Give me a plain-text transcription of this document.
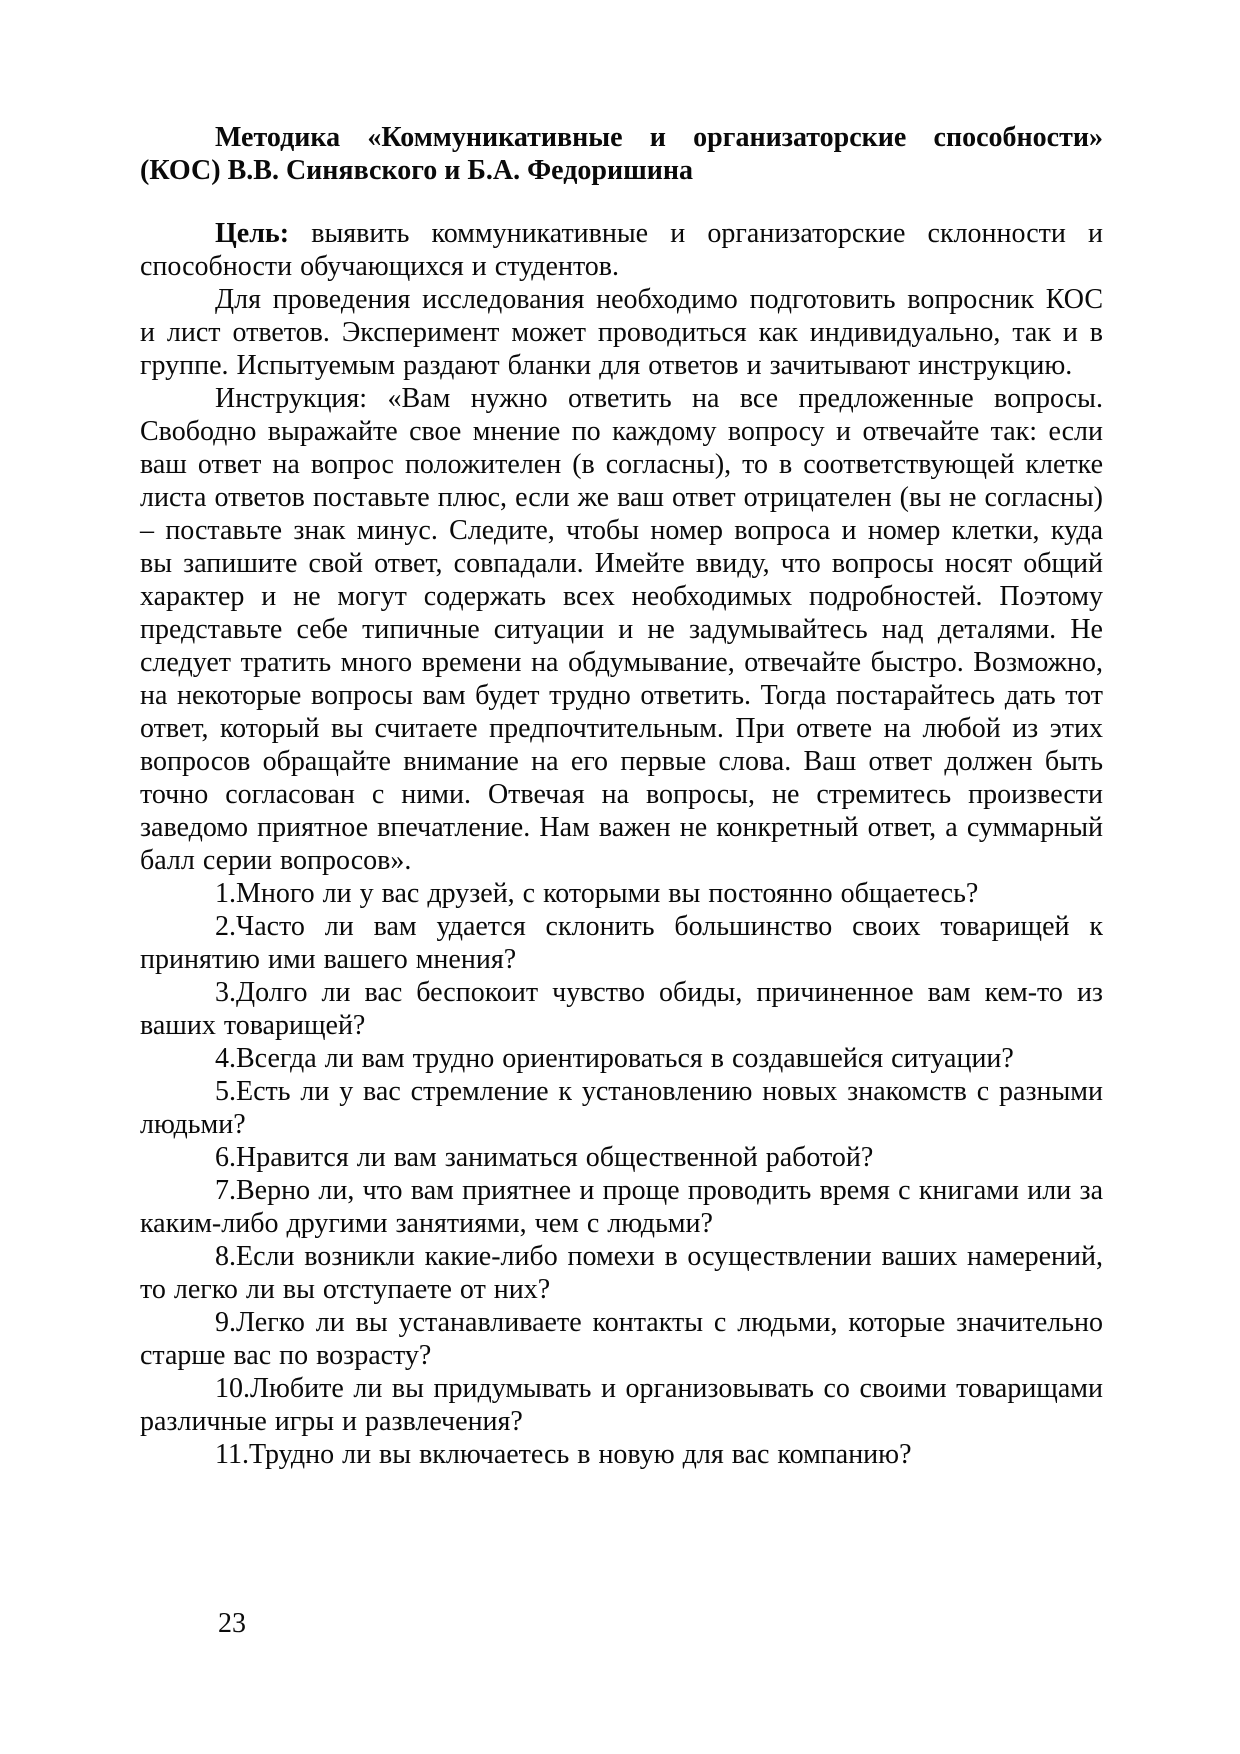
Методика «Коммуникативные и организаторские способности»
(КОС) В.В. Синявского и Б.А. Федоришина

Цель: выявить коммуникативные и организаторские склонности и способности обучающихся и студентов.

Для проведения исследования необходимо подготовить вопросник КОС и лист ответов. Эксперимент может проводиться как индивидуально, так и в группе. Испытуемым раздают бланки для ответов и зачитывают инструкцию.

Инструкция: «Вам нужно ответить на все предложенные вопросы. Свободно выражайте свое мнение по каждому вопросу и отвечайте так: если ваш ответ на вопрос положителен (в согласны), то в соответствующей клетке листа ответов поставьте плюс, если же ваш ответ отрицателен (вы не согласны) – поставьте знак минус. Следите, чтобы номер вопроса и номер клетки, куда вы запишите свой ответ, совпадали. Имейте ввиду, что вопросы носят общий характер и не могут содержать всех необходимых подробностей. Поэтому представьте себе типичные ситуации и не задумывайтесь над деталями. Не следует тратить много времени на обдумывание, отвечайте быстро. Возможно, на некоторые вопросы вам будет трудно ответить. Тогда постарайтесь дать тот ответ, который вы считаете предпочтительным. При ответе на любой из этих вопросов обращайте внимание на его первые слова. Ваш ответ должен быть точно согласован с ними. Отвечая на вопросы, не стремитесь произвести заведомо приятное впечатление. Нам важен не конкретный ответ, а суммарный балл серии вопросов».

1.Много ли у вас друзей, с которыми вы постоянно общаетесь?

2.Часто ли вам удается склонить большинство своих товарищей к принятию ими вашего мнения?

3.Долго ли вас беспокоит чувство обиды, причиненное вам кем-то из ваших товарищей?

4.Всегда ли вам трудно ориентироваться в создавшейся ситуации?

5.Есть ли у вас стремление к установлению новых знакомств с разными людьми?

6.Нравится ли вам заниматься общественной работой?

7.Верно ли, что вам приятнее и проще проводить время с книгами или за каким-либо другими занятиями, чем с людьми?

8.Если возникли какие-либо помехи в осуществлении ваших намерений, то легко ли вы отступаете от них?

9.Легко ли вы устанавливаете контакты с людьми, которые значительно старше вас по возрасту?

10.Любите ли вы придумывать и организовывать со своими товарищами различные игры и развлечения?

11.Трудно ли вы включаетесь в новую для вас компанию?

23
